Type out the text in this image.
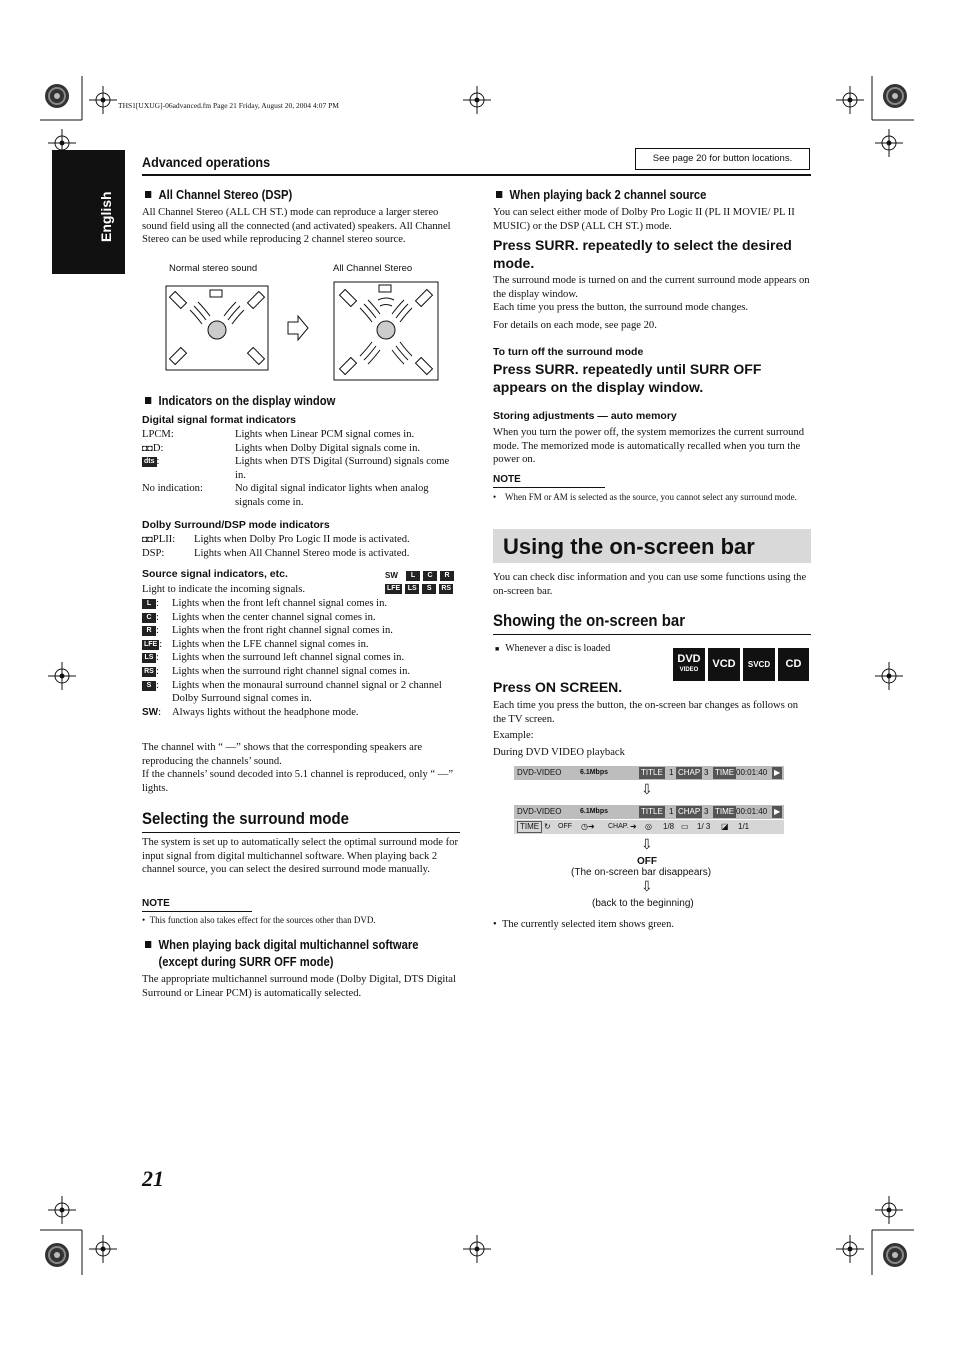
THS1[UXUG]-06advanced.fm Page 21 Friday, August 20, 2004 4:07 PM
English
Advanced operations	See page 20 for button locations.
All Channel Stereo (DSP)
All Channel Stereo (ALL CH ST.) mode can reproduce a larger stereo sound field using all the connected (and activated) speakers. All Channel Stereo can be used while reproducing 2 channel stereo source.
Normal stereo sound	All Channel Stereo
Indicators on the display window
Digital signal format indicators
LPCM:	Lights when Linear PCM signal comes in.
◘◘D:	Lights when Dolby Digital signals come in.
dts :	Lights when DTS Digital (Surround) signals come in.
No indication:	No digital signal indicator lights when analog signals come in.
Dolby Surround/DSP mode indicators
◘◘PLII:	Lights when Dolby Pro Logic II mode is activated.
DSP:	Lights when All Channel Stereo mode is activated.
Source signal indicators, etc.
Light to indicate the incoming signals.
SW	L	C	R
LFE	LS	S	RS
L :	Lights when the front left channel signal comes in.
C :	Lights when the center channel signal comes in.
R :	Lights when the front right channel signal comes in.
LFE : Lights when the LFE channel signal comes in.
LS :	Lights when the surround left channel signal comes in.
RS :	Lights when the surround right channel signal comes in.
S :	Lights when the monaural surround channel signal or 2 channel Dolby Surround signal comes in.
SW:	Always lights without the headphone mode.
The channel with “ —” shows that the corresponding speakers are reproducing the channels’ sound.
If the channels’ sound decoded into 5.1 channel is reproduced, only “ —” lights.
Selecting the surround mode
The system is set up to automatically select the optimal surround mode for input signal from digital multichannel software. When playing back 2 channel source, you can select the desired surround mode manually.
NOTE
•  This function also takes effect for the sources other than DVD.
When playing back digital multichannel software
(except during SURR OFF mode)
The appropriate multichannel surround mode (Dolby Digital, DTS Digital Surround or Linear PCM) is automatically selected.
21
When playing back 2 channel source
You can select either mode of Dolby Pro Logic II (PL II MOVIE/ PL II MUSIC) or the DSP (ALL CH ST.) mode.
Press SURR. repeatedly to select the desired mode.
The surround mode is turned on and the current surround mode appears on the display window.
Each time you press the button, the surround mode changes.
For details on each mode, see page 20.
To turn off the surround mode
Press SURR. repeatedly until SURR OFF appears on the display window.
Storing adjustments — auto memory
When you turn the power off, the system memorizes the current surround mode. The memorized mode is automatically recalled when you turn the power on.
NOTE
• When FM or AM is selected as the source, you cannot select any surround mode.
Using the on-screen bar
You can check disc information and you can use some functions using the on-screen bar.
Showing the on-screen bar
■ Whenever a disc is loaded
DVD
VIDEO	VCD	SVCD	CD
Press ON SCREEN.
Each time you press the button, the on-screen bar changes as follows on the TV screen.
Example:
During DVD VIDEO playback
DVD-VIDEO	6.1Mbps	TITLE 1 CHAP 3 TIME 00:01:40 ▶
⇩
DVD-VIDEO	6.1Mbps	TITLE 1 CHAP 3 TIME 00:01:40 ▶
TIME ↻ OFF ◷➜ CHAP. ➜ ◎ 1/8 ▭ 1/ 3 ◪ 1/1
⇩
OFF
(The on-screen bar disappears)
⇩
(back to the beginning)
•  The currently selected item shows green.
